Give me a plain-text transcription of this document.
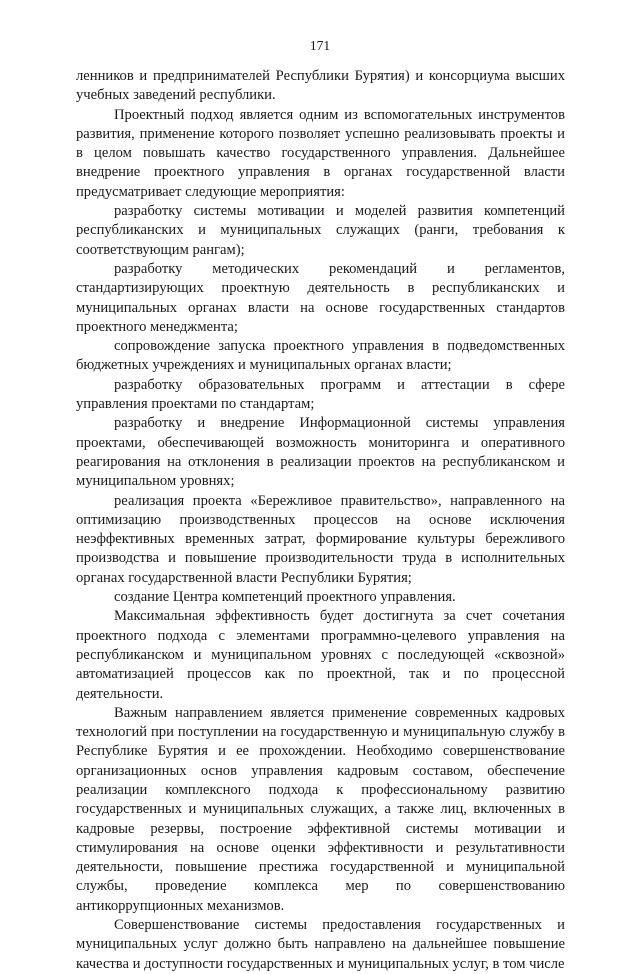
171

ленников и предпринимателей Республики Бурятия) и консорциума высших учебных заведений республики.

Проектный подход является одним из вспомогательных инструментов развития, применение которого позволяет успешно реализовывать проекты и в целом повышать качество государственного управления. Дальнейшее внедрение проектного управления в органах государственной власти предусматривает следующие мероприятия:

разработку системы мотивации и моделей развития компетенций республиканских и муниципальных служащих (ранги, требования к соответствующим рангам);

разработку методических рекомендаций и регламентов, стандартизирующих проектную деятельность в республиканских и муниципальных органах власти на основе государственных стандартов проектного менеджмента;

сопровождение запуска проектного управления в подведомственных бюджетных учреждениях и муниципальных органах власти;

разработку образовательных программ и аттестации в сфере управления проектами по стандартам;

разработку и внедрение Информационной системы управления проектами, обеспечивающей возможность мониторинга и оперативного реагирования на отклонения в реализации проектов на республиканском и муниципальном уровнях;

реализация проекта «Бережливое правительство», направленного на оптимизацию производственных процессов на основе исключения неэффективных временных затрат, формирование культуры бережливого производства и повышение производительности труда в исполнительных органах государственной власти Республики Бурятия;

создание Центра компетенций проектного управления.

Максимальная эффективность будет достигнута за счет сочетания проектного подхода с элементами программно-целевого управления на республиканском и муниципальном уровнях с последующей «сквозной» автоматизацией процессов как по проектной, так и по процессной деятельности.

Важным направлением является применение современных кадровых технологий при поступлении на государственную и муниципальную службу в Республике Бурятия и ее прохождении. Необходимо совершенствование организационных основ управления кадровым составом, обеспечение реализации комплексного подхода к профессиональному развитию государственных и муниципальных служащих, а также лиц, включенных в кадровые резервы, построение эффективной системы мотивации и стимулирования на основе оценки эффективности и результативности деятельности, повышение престижа государственной и муниципальной службы, проведение комплекса мер по совершенствованию антикоррупционных механизмов.

Совершенствование системы предоставления государственных и муниципальных услуг должно быть направлено на дальнейшее повышение качества и доступности государственных и муниципальных услуг, в том числе
